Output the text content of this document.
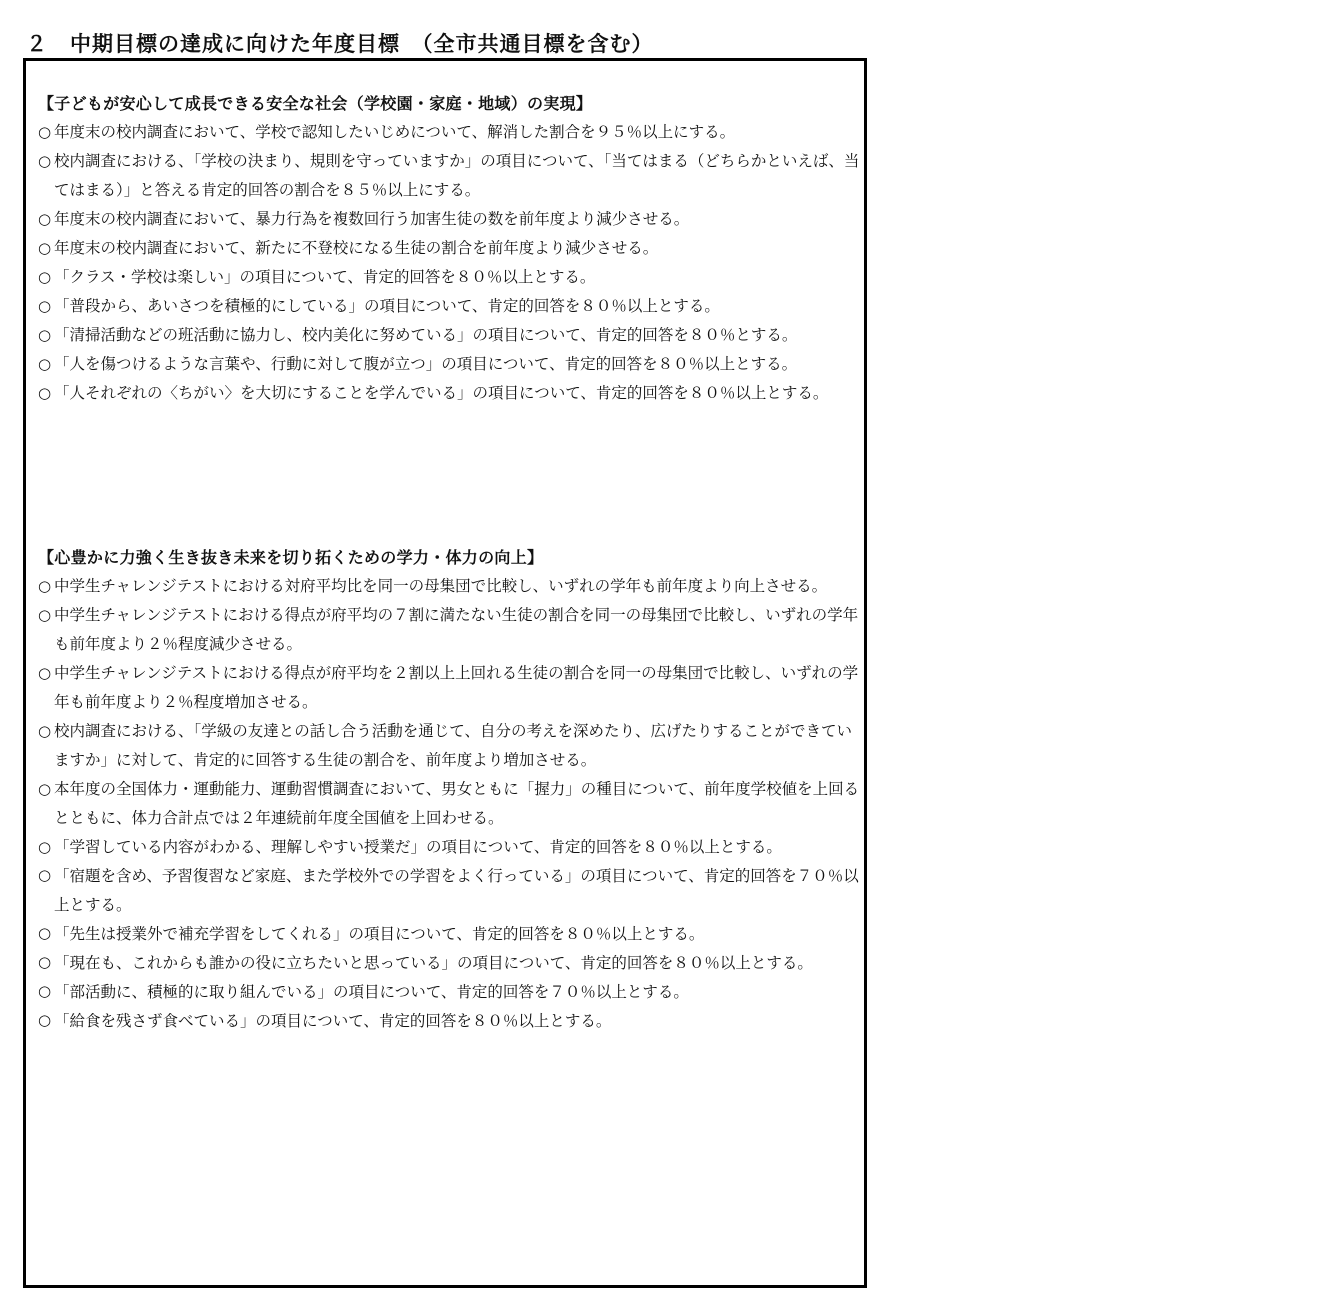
２　中期目標の達成に向けた年度目標　（全市共通目標を含む）
【子どもが安心して成長できる安全な社会（学校園・家庭・地域）の実現】
○ 年度末の校内調査において、学校で認知したいじめについて、解消した割合を９５％以上にする。
○ 校内調査における、「学校の決まり、規則を守っていますか」の項目について、「当てはまる（どちらかといえば、当てはまる）」と答える肯定的回答の割合を８５％以上にする。
○ 年度末の校内調査において、暴力行為を複数回行う加害生徒の数を前年度より減少させる。
○ 年度末の校内調査において、新たに不登校になる生徒の割合を前年度より減少させる。
○ 「クラス・学校は楽しい」の項目について、肯定的回答を８０％以上とする。
○ 「普段から、あいさつを積極的にしている」の項目について、肯定的回答を８０％以上とする。
○ 「清掃活動などの班活動に協力し、校内美化に努めている」の項目について、肯定的回答を８０％とする。
○ 「人を傷つけるような言葉や、行動に対して腹が立つ」の項目について、肯定的回答を８０％以上とする。
○ 「人それぞれの〈ちがい〉を大切にすることを学んでいる」の項目について、肯定的回答を８０％以上とする。
【心豊かに力強く生き抜き未来を切り拓くための学力・体力の向上】
○ 中学生チャレンジテストにおける対府平均比を同一の母集団で比較し、いずれの学年も前年度より向上させる。
○ 中学生チャレンジテストにおける得点が府平均の７割に満たない生徒の割合を同一の母集団で比較し、いずれの学年も前年度より２％程度減少させる。
○ 中学生チャレンジテストにおける得点が府平均を２割以上上回れる生徒の割合を同一の母集団で比較し、いずれの学年も前年度より２％程度増加させる。
○ 校内調査における、「学級の友達との話し合う活動を通じて、自分の考えを深めたり、広げたりすることができていますか」に対して、肯定的に回答する生徒の割合を、前年度より増加させる。
○ 本年度の全国体力・運動能力、運動習慣調査において、男女ともに「握力」の種目について、前年度学校値を上回るとともに、体力合計点では２年連続前年度全国値を上回わせる。
○ 「学習している内容がわかる、理解しやすい授業だ」の項目について、肯定的回答を８０％以上とする。
○ 「宿題を含め、予習復習など家庭、また学校外での学習をよく行っている」の項目について、肯定的回答を７０％以上とする。
○ 「先生は授業外で補充学習をしてくれる」の項目について、肯定的回答を８０％以上とする。
○ 「現在も、これからも誰かの役に立ちたいと思っている」の項目について、肯定的回答を８０％以上とする。
○ 「部活動に、積極的に取り組んでいる」の項目について、肯定的回答を７０％以上とする。
○ 「給食を残さず食べている」の項目について、肯定的回答を８０％以上とする。
